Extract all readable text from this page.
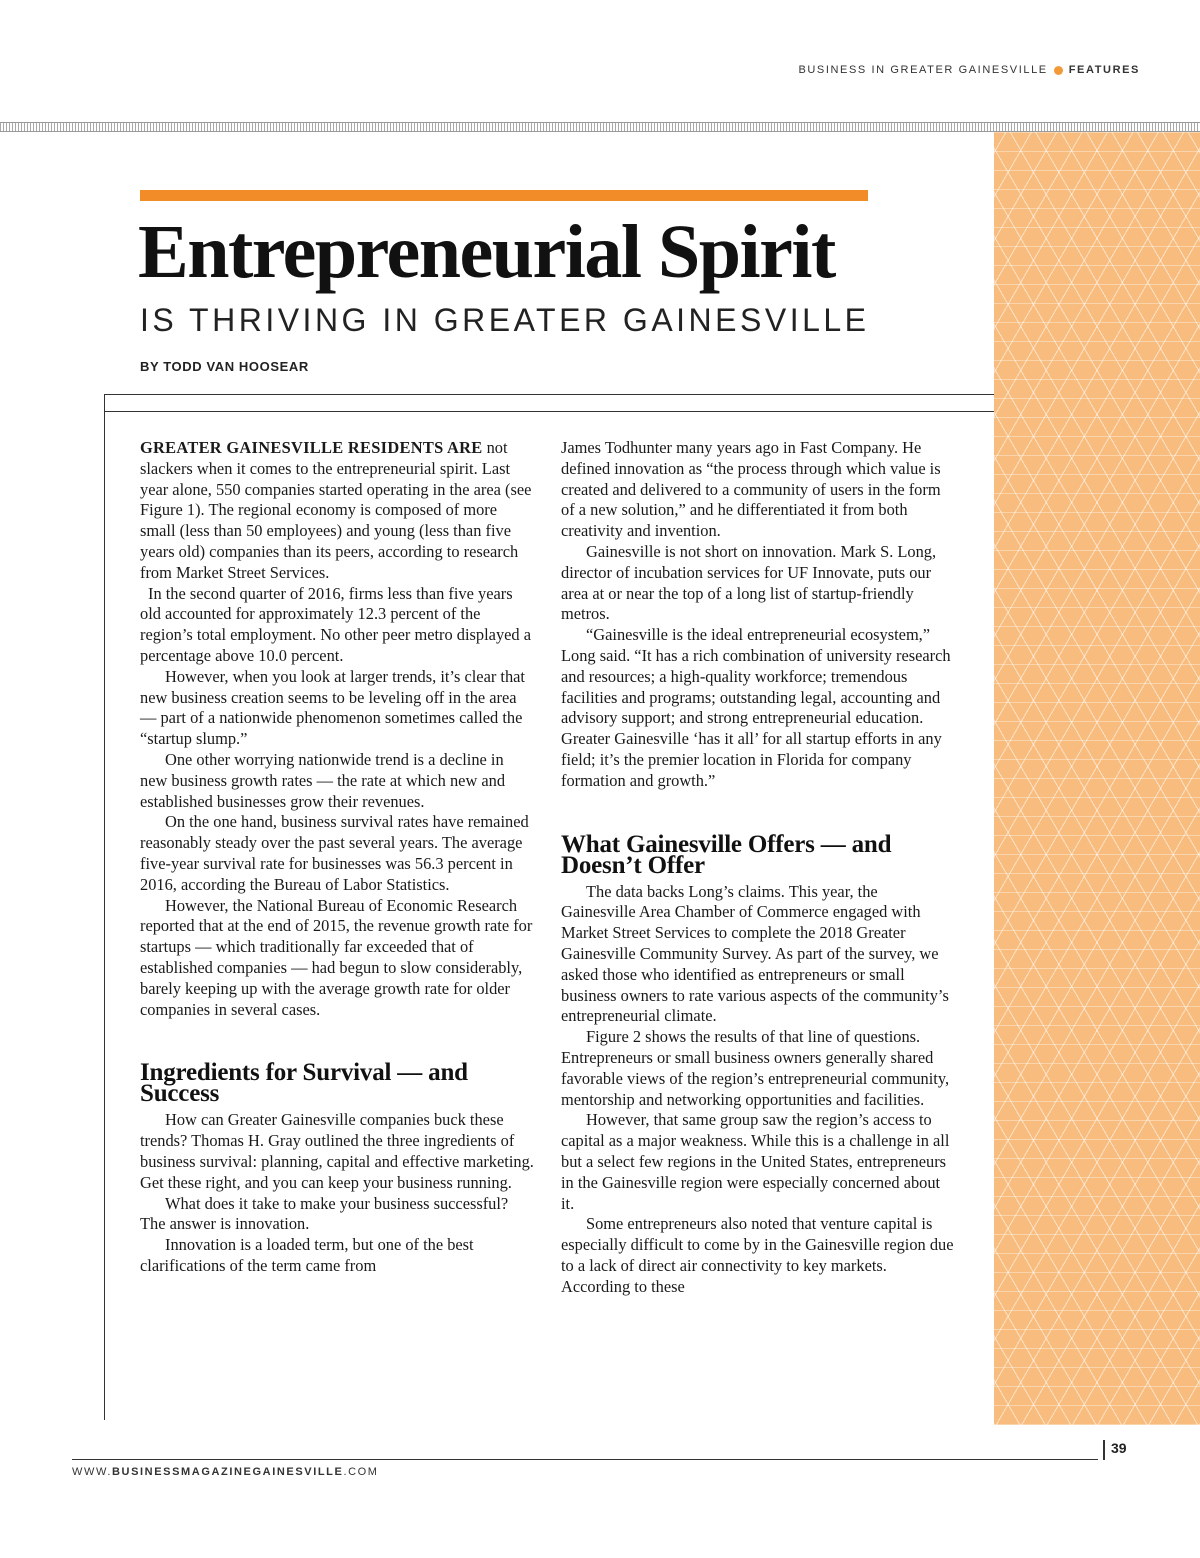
BUSINESS IN GREATER GAINESVILLE FEATURES
Entrepreneurial Spirit
IS THRIVING IN GREATER GAINESVILLE
BY TODD VAN HOOSEAR

GREATER GAINESVILLE RESIDENTS ARE not slackers when it comes to the entrepreneurial spirit. Last year alone, 550 companies started operating in the area (see Figure 1). The regional economy is composed of more small (less than 50 employees) and young (less than five years old) companies than its peers, according to research from Market Street Services.

In the second quarter of 2016, firms less than five years old accounted for approximately 12.3 percent of the region’s total employment. No other peer metro displayed a percentage above 10.0 percent.

However, when you look at larger trends, it’s clear that new business creation seems to be leveling off in the area — part of a nationwide phenomenon sometimes called the “startup slump.”

One other worrying nationwide trend is a decline in new business growth rates — the rate at which new and established businesses grow their revenues.

On the one hand, business survival rates have remained reasonably steady over the past several years. The average five-year survival rate for businesses was 56.3 percent in 2016, according the Bureau of Labor Statistics.

However, the National Bureau of Economic Research reported that at the end of 2015, the revenue growth rate for startups — which traditionally far exceeded that of established companies — had begun to slow considerably, barely keeping up with the average growth rate for older companies in several cases.

Ingredients for Survival — and Success

How can Greater Gainesville companies buck these trends? Thomas H. Gray outlined the three ingredients of business survival: planning, capital and effective marketing. Get these right, and you can keep your business running.

What does it take to make your business successful? The answer is innovation.

Innovation is a loaded term, but one of the best clarifications of the term came from

James Todhunter many years ago in Fast Company. He defined innovation as “the process through which value is created and delivered to a community of users in the form of a new solution,” and he differentiated it from both creativity and invention.

Gainesville is not short on innovation. Mark S. Long, director of incubation services for UF Innovate, puts our area at or near the top of a long list of startup-friendly metros.

“Gainesville is the ideal entrepreneurial ecosystem,” Long said. “It has a rich combination of university research and resources; a high-quality workforce; tremendous facilities and programs; outstanding legal, accounting and advisory support; and strong entrepreneurial education. Greater Gainesville ‘has it all’ for all startup efforts in any field; it’s the premier location in Florida for company formation and growth.”

What Gainesville Offers — and Doesn’t Offer

The data backs Long’s claims. This year, the Gainesville Area Chamber of Commerce engaged with Market Street Services to complete the 2018 Greater Gainesville Community Survey. As part of the survey, we asked those who identified as entrepreneurs or small business owners to rate various aspects of the community’s entrepreneurial climate.

Figure 2 shows the results of that line of questions. Entrepreneurs or small business owners generally shared favorable views of the region’s entrepreneurial community, mentorship and networking opportunities and facilities.

However, that same group saw the region’s access to capital as a major weakness. While this is a challenge in all but a select few regions in the United States, entrepreneurs in the Gainesville region were especially concerned about it.

Some entrepreneurs also noted that venture capital is especially difficult to come by in the Gainesville region due to a lack of direct air connectivity to key markets. According to these

39
WWW.BUSINESSMAGAZINEGAINESVILLE.COM
